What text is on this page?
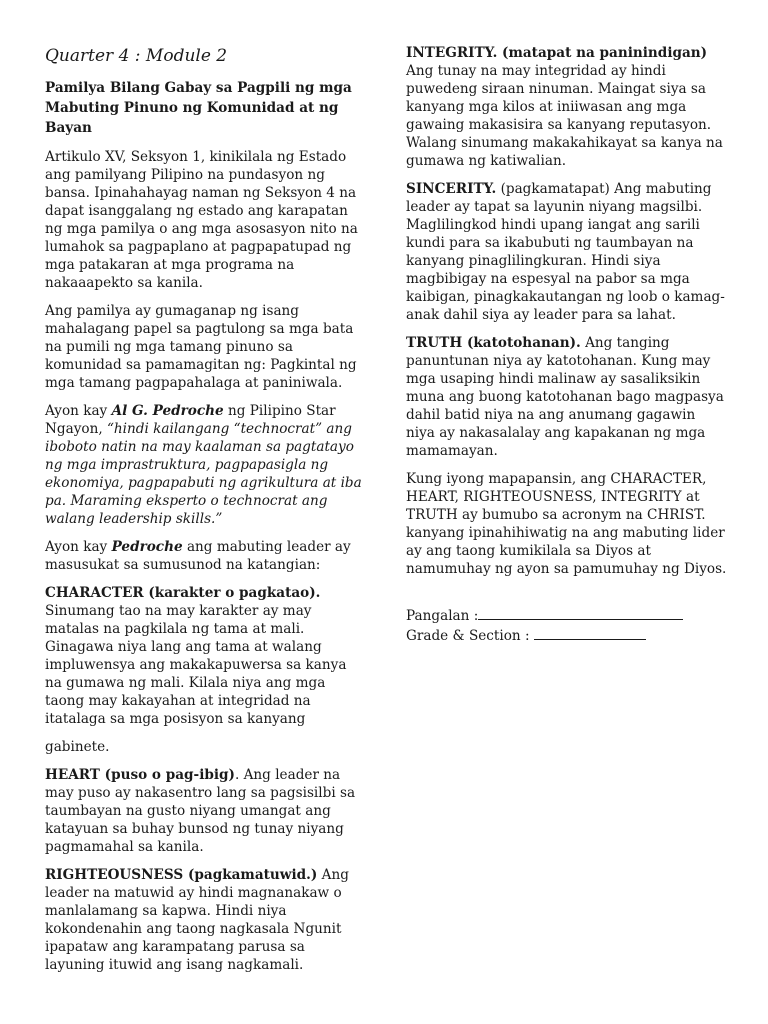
Quarter 4 : Module 2
Pamilya Bilang Gabay sa Pagpili ng mga Mabuting Pinuno ng Komunidad at ng Bayan

Artikulo XV, Seksyon 1, kinikilala ng Estado ang pamilyang Pilipino na pundasyon ng bansa. Ipinahahayag naman ng Seksyon 4 na dapat isanggalang ng estado ang karapatan ng mga pamilya o ang mga asosasyon nito na lumahok sa pagpaplano at pagpapatupad ng mga patakaran at mga programa na nakaaapekto sa kanila.

Ang pamilya ay gumaganap ng isang mahalagang papel sa pagtulong sa mga bata na pumili ng mga tamang pinuno sa komunidad sa pamamagitan ng: Pagkintal ng mga tamang pagpapahalaga at paniniwala.

Ayon kay Al G. Pedroche ng Pilipino Star Ngayon, “hindi kailangang “technocrat” ang iboboto natin na may kaalaman sa pagtatayo ng mga imprastruktura, pagpapasigla ng ekonomiya, pagpapabuti ng agrikultura at iba pa. Maraming eksperto o technocrat ang walang leadership skills.”

Ayon kay Pedroche ang mabuting leader ay masusukat sa sumusunod na katangian:

CHARACTER (karakter o pagkatao). Sinumang tao na may karakter ay may matalas na pagkilala ng tama at mali. Ginagawa niya lang ang tama at walang impluwensya ang makakapuwersa sa kanya na gumawa ng mali. Kilala niya ang mga taong may kakayahan at integridad na itatalaga sa mga posisyon sa kanyang

gabinete.

HEART (puso o pag-ibig). Ang leader na may puso ay nakasentro lang sa pagsisilbi sa taumbayan na gusto niyang umangat ang katayuan sa buhay bunsod ng tunay niyang pagmamahal sa kanila.

RIGHTEOUSNESS (pagkamatuwid.) Ang leader na matuwid ay hindi magnanakaw o manlalamang sa kapwa. Hindi niya kokondenahin ang taong nagkasala Ngunit ipapataw ang karampatang parusa sa layuning ituwid ang isang nagkamali.

INTEGRITY. (matapat na paninindigan) Ang tunay na may integridad ay hindi puwedeng siraan ninuman. Maingat siya sa kanyang mga kilos at iniiwasan ang mga gawaing makasisira sa kanyang reputasyon. Walang sinumang makakahikayat sa kanya na gumawa ng katiwalian.

SINCERITY. (pagkamatapat) Ang mabuting leader ay tapat sa layunin niyang magsilbi. Maglilingkod hindi upang iangat ang sarili kundi para sa ikabubuti ng taumbayan na kanyang pinaglilingkuran. Hindi siya magbibigay na espesyal na pabor sa mga kaibigan, pinagkakautangan ng loob o kamag-anak dahil siya ay leader para sa lahat.

TRUTH (katotohanan). Ang tanging panuntunan niya ay katotohanan. Kung may mga usaping hindi malinaw ay sasaliksikin muna ang buong katotohanan bago magpasya dahil batid niya na ang anumang gagawin niya ay nakasalalay ang kapakanan ng mga mamamayan.

Kung iyong mapapansin, ang CHARACTER, HEART, RIGHTEOUSNESS, INTEGRITY at TRUTH ay bumubo sa acronym na CHRIST. kanyang ipinahihiwatig na ang mabuting lider ay ang taong kumikilala sa Diyos at namumuhay ng ayon sa pamumuhay ng Diyos.

Pangalan :

Grade & Section :
